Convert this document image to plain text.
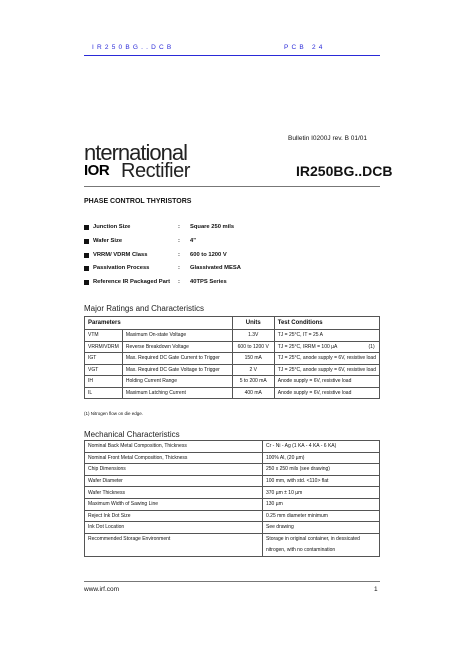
IR250BG..DCB	PCB 24
Bulletin I0200J rev. B 01/01
nternational
IOR Rectifier	IR250BG..DCB
PHASE CONTROL THYRISTORS
Junction Size	: Square 250 mils
Wafer Size	: 4"
VRRM/ VDRM Class	: 600 to 1200 V
Passivation Process	: Glassivated MESA
Reference IR Packaged Part : 40TPS Series
Major Ratings and Characteristics
Parameters		Units	Test Conditions	
VTM	Maximum On-state Voltage	1.3V	TJ = 25°C, IT = 25 A	
VRRM/VDRM	Reverse Breakdown Voltage	600 to 1200 V	TJ = 25°C, IRRM = 100 µA	(1)
IGT	Max. Required DC Gate Current to Trigger	150 mA	TJ = 25°C, anode supply = 6V, resistive load	
VGT	Max. Required DC Gate Voltage to Trigger	2 V	TJ = 25°C, anode supply = 6V, resistive load	
IH	Holding Current Range	5 to 200 mA	Anode supply = 6V, resistive load	
IL	Maximum Latching Current	400 mA	Anode supply = 6V, resistive load	
(1) Nitrogen flow on die edge.
Mechanical Characteristics
Nominal Back Metal Composition, Thickness	Cr - Ni - Ag (1 KA - 4 KA - 6 KA)
Nominal Front Metal Composition, Thickness	100% Al, (20 µm)
Chip Dimensions	250 x 250 mils (see drawing)
Wafer Diameter	100 mm, with std. <110> flat
Wafer Thickness	370 µm ± 10 µm
Maximum Width of Sawing Line	130 µm
Reject Ink Dot Size	0.25 mm diameter minimum
Ink Dot Location	See drawing
Recommended Storage Environment	Storage in original container, in dessicated nitrogen, with no contamination
www.irf.com	1
